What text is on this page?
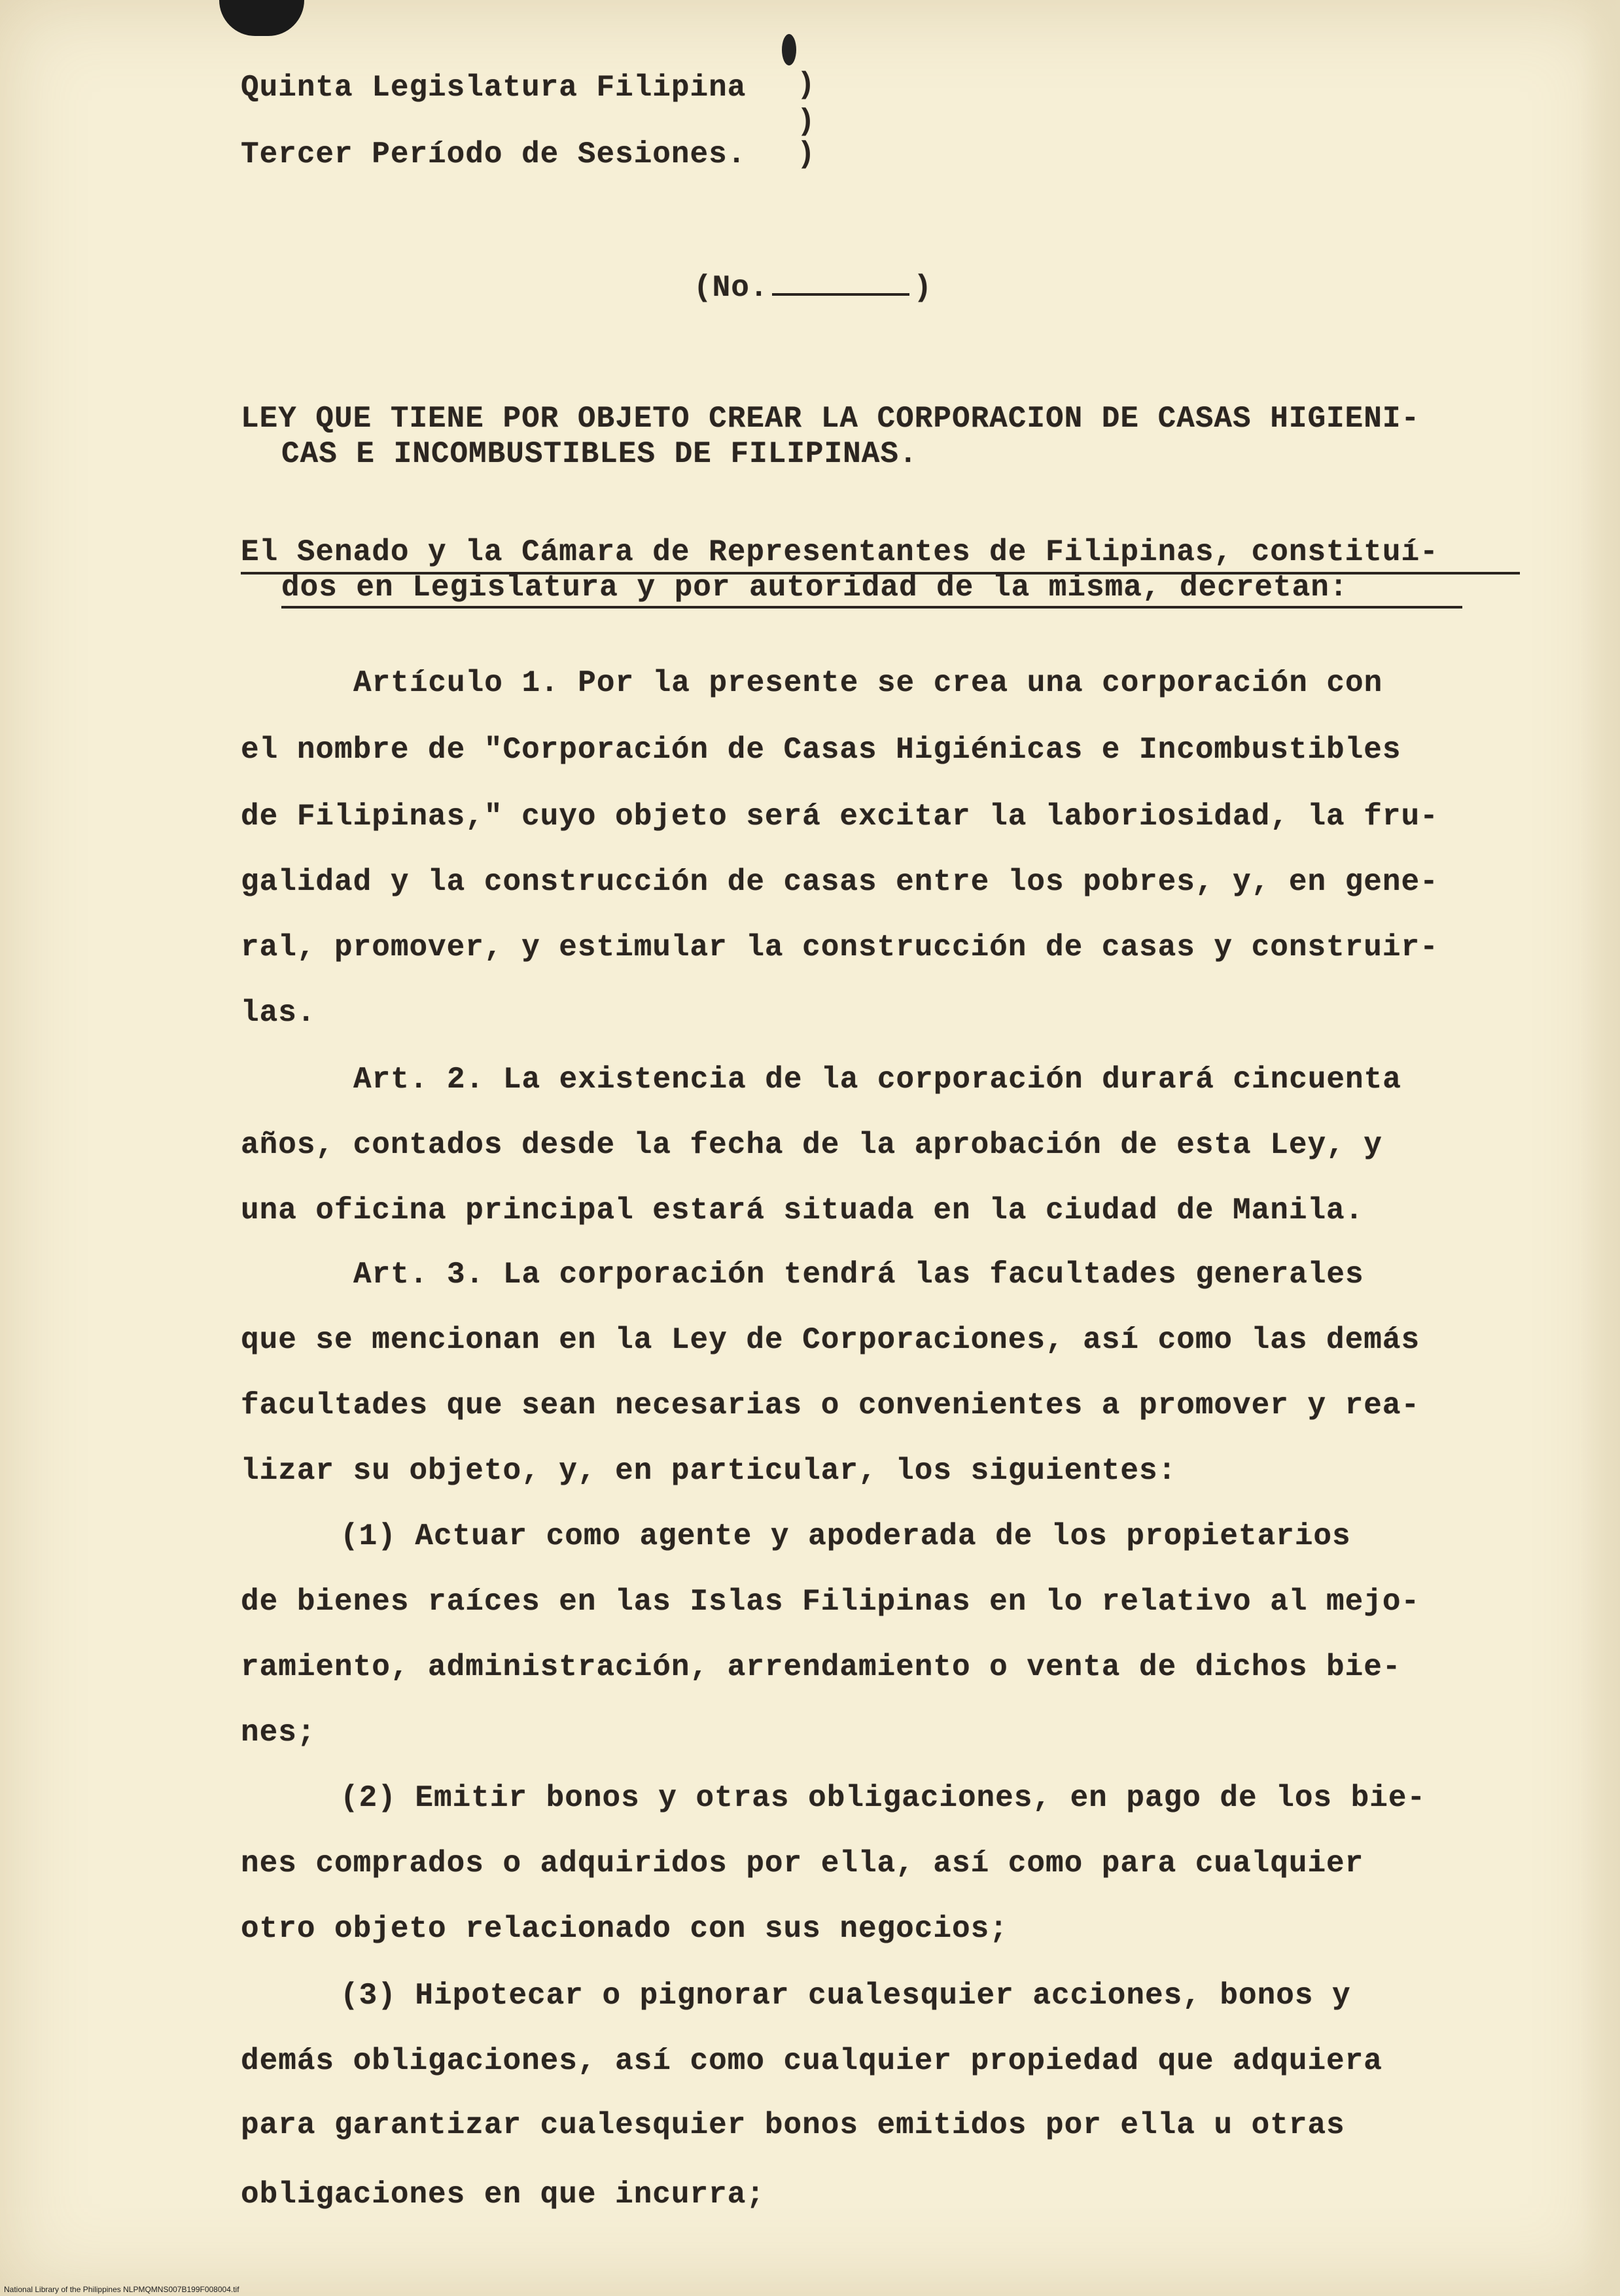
Quinta Legislatura Filipina
Tercer Período de Sesiones.
)
)
)
(No.	)
LEY QUE TIENE POR OBJETO CREAR LA CORPORACION DE CASAS HIGIENI-
CAS E INCOMBUSTIBLES DE FILIPINAS.
El Senado y la Cámara de Representantes de Filipinas, constituí-
dos en Legislatura y por autoridad de la misma, decretan:
Artículo 1. Por la presente se crea una corporación con
el nombre de "Corporación de Casas Higiénicas e Incombustibles
de Filipinas," cuyo objeto será excitar la laboriosidad, la fru-
galidad y la construcción de casas entre los pobres, y, en gene-
ral, promover, y estimular la construcción de casas y construir-
las.
Art. 2. La existencia de la corporación durará cincuenta
años, contados desde la fecha de la aprobación de esta Ley, y
una oficina principal estará situada en la ciudad de Manila.
Art. 3. La corporación tendrá las facultades generales
que se mencionan en la Ley de Corporaciones, así como las demás
facultades que sean necesarias o convenientes a promover y rea-
lizar su objeto, y, en particular, los siguientes:
(1) Actuar como agente y apoderada de los propietarios
de bienes raíces en las Islas Filipinas en lo relativo al mejo-
ramiento, administración, arrendamiento o venta de dichos bie-
nes;
(2) Emitir bonos y otras obligaciones, en pago de los bie-
nes comprados o adquiridos por ella, así como para cualquier
otro objeto relacionado con sus negocios;
(3) Hipotecar o pignorar cualesquier acciones, bonos y
demás obligaciones, así como cualquier propiedad que adquiera
para garantizar cualesquier bonos emitidos por ella u otras
obligaciones en que incurra;
National Library of the Philippines NLPMQMNS007B199F008004.tif
